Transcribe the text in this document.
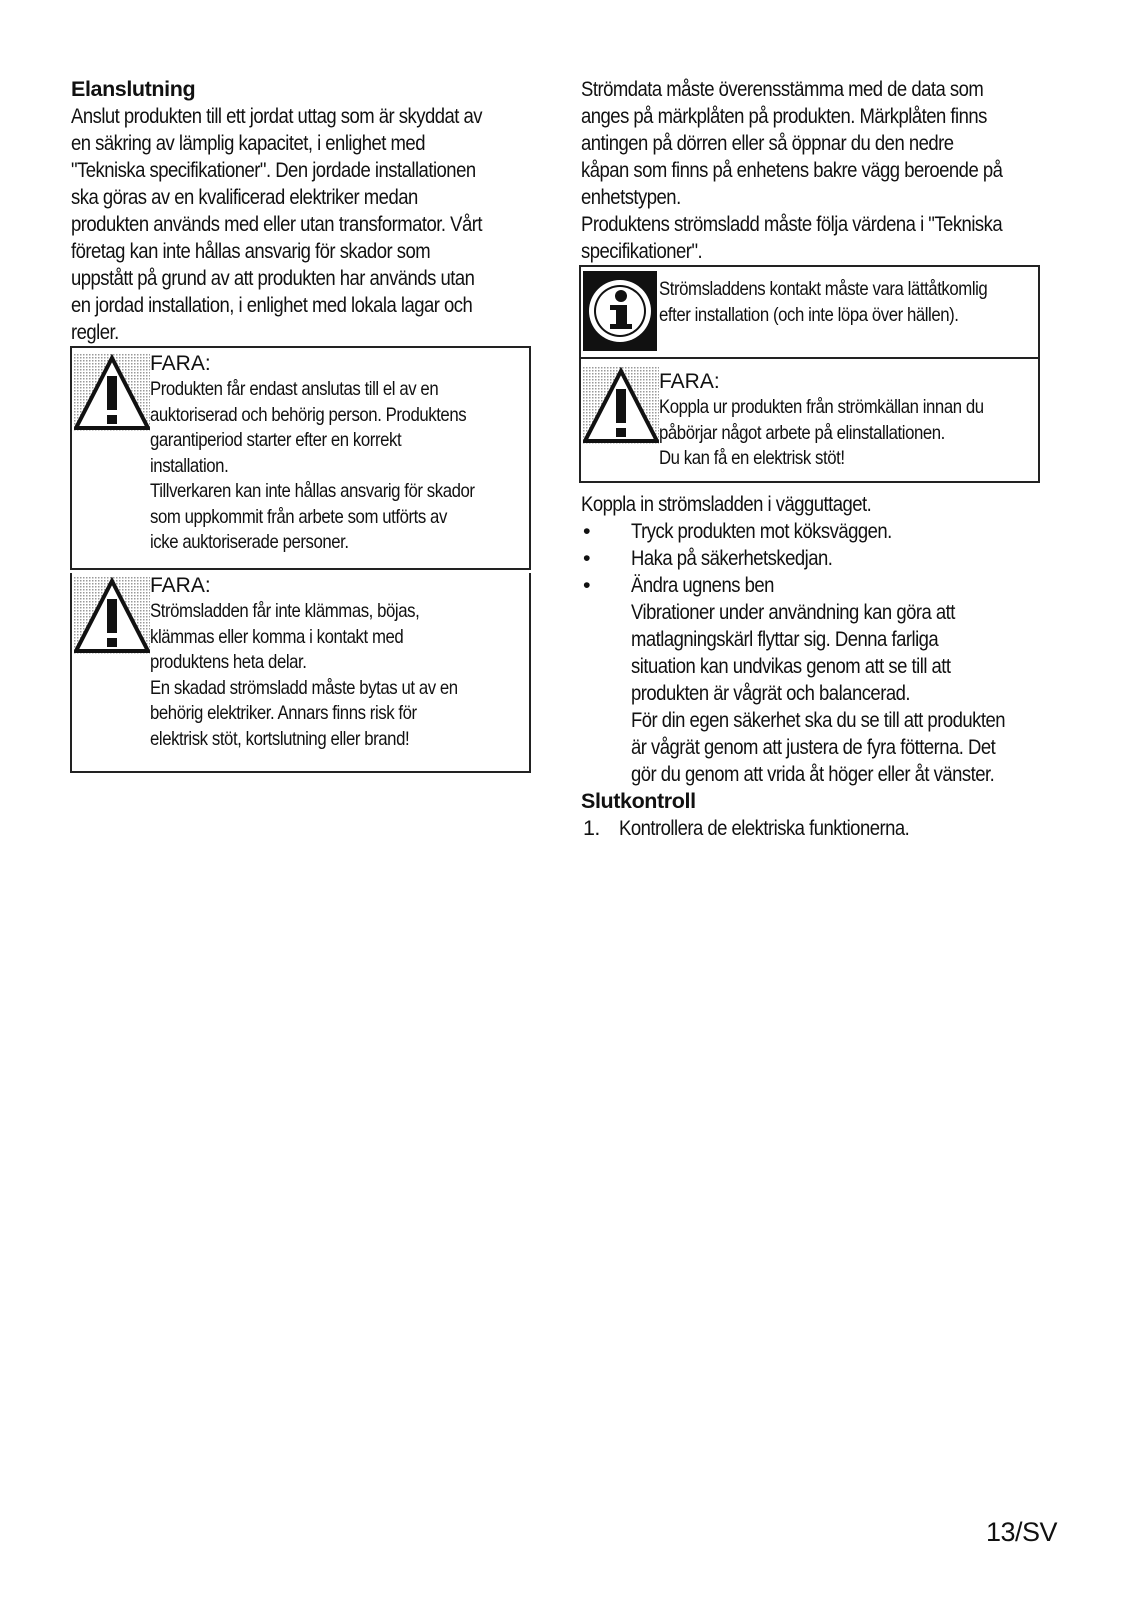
Elanslutning
Anslut produkten till ett jordat uttag som är skyddat av
en säkring av lämplig kapacitet, i enlighet med
"Tekniska specifikationer". Den jordade installationen
ska göras av en kvalificerad elektriker medan
produkten används med eller utan transformator. Vårt
företag kan inte hållas ansvarig för skador som
uppstått på grund av att produkten har används utan
en jordad installation, i enlighet med lokala lagar och
regler.
FARA:
Produkten får endast anslutas till el av en
auktoriserad och behörig person. Produktens
garantiperiod starter efter en korrekt
installation.
Tillverkaren kan inte hållas ansvarig för skador
som uppkommit från arbete som utförts av
icke auktoriserade personer.
FARA:
Strömsladden får inte klämmas, böjas,
klämmas eller komma i kontakt med
produktens heta delar.
En skadad strömsladd måste bytas ut av en
behörig elektriker. Annars finns risk för
elektrisk stöt, kortslutning eller brand!
Strömdata måste överensstämma med de data som
anges på märkplåten på produkten. Märkplåten finns
antingen på dörren eller så öppnar du den nedre
kåpan som finns på enhetens bakre vägg beroende på
enhetstypen.
Produktens strömsladd måste följa värdena i "Tekniska
specifikationer".
Strömsladdens kontakt måste vara lättåtkomlig
efter installation (och inte löpa över hällen).
FARA:
Koppla ur produkten från strömkällan innan du
påbörjar något arbete på elinstallationen.
Du kan få en elektrisk stöt!
Koppla in strömsladden i vägguttaget.
• Tryck produkten mot köksväggen.
• Haka på säkerhetskedjan.
• Ändra ugnens ben
Vibrationer under användning kan göra att
matlagningskärl flyttar sig. Denna farliga
situation kan undvikas genom att se till att
produkten är vågrät och balancerad.
För din egen säkerhet ska du se till att produkten
är vågrät genom att justera de fyra fötterna. Det
gör du genom att vrida åt höger eller åt vänster.
Slutkontroll
1. Kontrollera de elektriska funktionerna.
13/SV
